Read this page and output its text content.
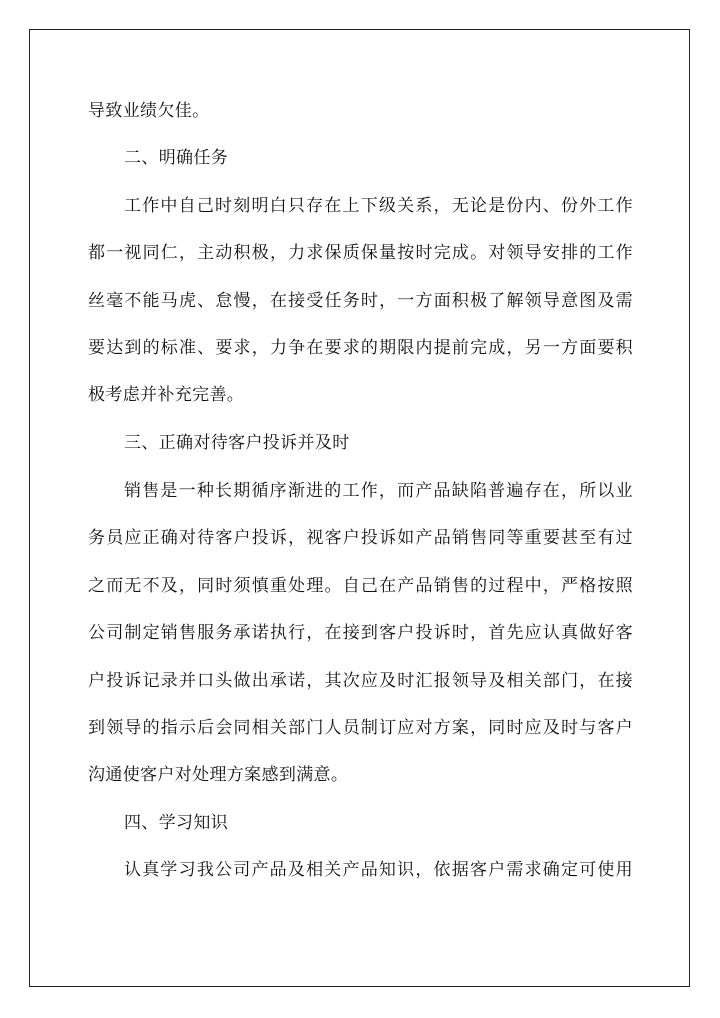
导致业绩欠佳。
二、明确任务
工作中自己时刻明白只存在上下级关系，无论是份内、份外工作
都一视同仁，主动积极，力求保质保量按时完成。对领导安排的工作
丝毫不能马虎、怠慢，在接受任务时，一方面积极了解领导意图及需
要达到的标准、要求，力争在要求的期限内提前完成，另一方面要积
极考虑并补充完善。
三、正确对待客户投诉并及时
销售是一种长期循序渐进的工作，而产品缺陷普遍存在，所以业
务员应正确对待客户投诉，视客户投诉如产品销售同等重要甚至有过
之而无不及，同时须慎重处理。自己在产品销售的过程中，严格按照
公司制定销售服务承诺执行，在接到客户投诉时，首先应认真做好客
户投诉记录并口头做出承诺，其次应及时汇报领导及相关部门，在接
到领导的指示后会同相关部门人员制订应对方案，同时应及时与客户
沟通使客户对处理方案感到满意。
四、学习知识
认真学习我公司产品及相关产品知识，依据客户需求确定可使用
